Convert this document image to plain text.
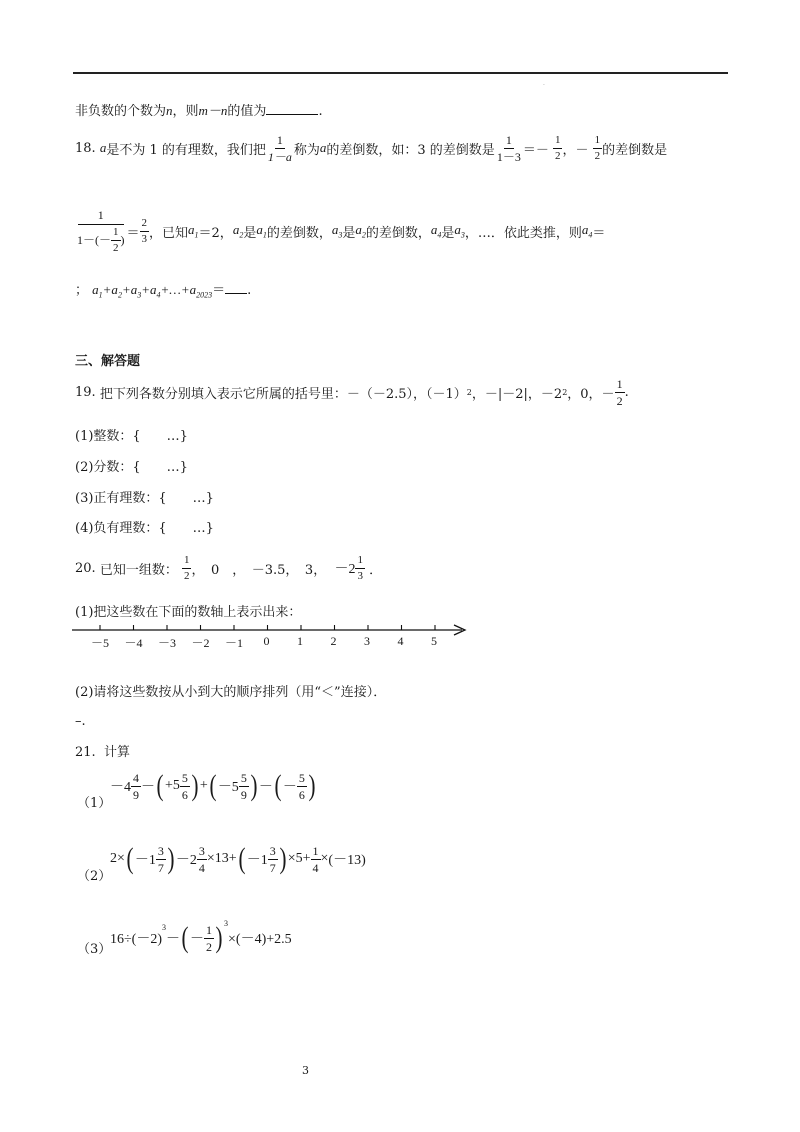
·
非负数的个数为n，则m－n的值为	.
18.
a 是不为 1 的有理数，我们把 $\frac{1}{1-a}$ 称为 a 的差倒数，如：3 的差倒数是 $\frac{1}{1-3}$ ＝－
$\frac{1}{2}$ ，－
$\frac{1}{2}$ 的差倒数是
$\frac{1}{1-(- \frac{1}{2} )} = \frac{2}{3}$ ，已知 $a_1 =2$， $a_2$ 是 $a_1$ 的差倒数， $a_3$ 是 $a_2$ 的差倒数， $a_4$ 是 $a_3$ ，…．依此类推，则 $a_4$ ＝
； $a_1+a_2+a_3+a_4+\dots+a_{2023}=$ .
三、解答题
19.
把下列各数分别填入表示它所属的括号里：－（－2.5），（－1） 2 ，－|－2|，－2 2 ，0，－ $\frac{1}{2}$ .
(1)整数：{　　…}
(2)分数：{　　…}
(3)正有理数：{　　…}
(4)负有理数：{　　…}
20.
已知一组数：
$\frac{1}{2}$ ，　0　，　－3.5，　3，
$-2 \frac{1}{3}$
．
(1)把这些数在下面的数轴上表示出来：
－5 －4 －3 －2 －1 0 1 2 3 4 5
(2)请将这些数按从小到大的顺序排列（用“＜”连接）．
–.
21. 计算
（1）
$-4 \frac{4}{9}$ － ( $+5 \frac{5}{6}$ ) + ( $-5 \frac{5}{9}$ ) － ( － $\frac{5}{6}$ )
（2）
2× ( $-1 \frac{3}{7}$ ) $-2 \frac{3}{4} \times 13+$ ( $-1 \frac{3}{7}$ ) $\times 5+ \frac{1}{4} \times (-13)$
（3）
16÷(－2)
$^3$
－ ( － $\frac{1}{2} )^3$
×(－4)+2.5
3
